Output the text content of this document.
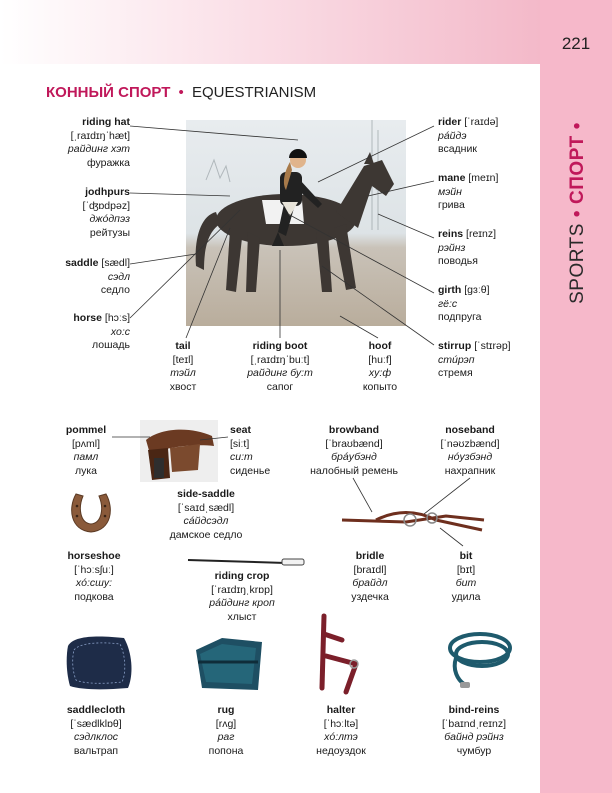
221
SPORTS•СПОРТ•
КОННЫЙ СПОРТ • EQUESTRIANISM
riding hat
[ˌraɪdɪŋˈhæt]
райдинг хэт
фуражка
jodhpurs
[ˈʤɒdpəz]
джóдпэз
рейтузы
saddle [sædl]
сэдл
седло
horse [hɔːs]
хо:с
лошадь
rider [ˈraɪdə]
рáйдэ
всадник
mane [meɪn]
мэйн
грива
reins [reɪnz]
рэйнз
поводья
girth [gɜːθ]
гё:с
подпруга
stirrup [ˈstɪrəp]
стúрэп
стремя
tail
[teɪl]
тэйл
хвост
riding boot
[ˌraɪdɪŋˈbuːt]
райдинг бу:т
сапог
hoof
[huːf]
ху:ф
копыто
pommel
[pʌml]
памл
лука
seat
[siːt]
си:т
сиденье
side-saddle
[ˈsaɪdˌsædl]
сáйдсэдл
дамское седло
browband
[ˈbraʊbænd]
брáубэнд
налобный ремень
noseband
[ˈnəʊzbænd]
нóузбэнд
нахрапник
horseshoe
[ˈhɔːsʃuː]
хó:сшу:
подкова
riding crop
[ˈraɪdɪŋˌkrɒp]
рáйдинг кроп
хлыст
bridle
[braɪdl]
брайдл
уздечка
bit
[bɪt]
бит
удила
saddlecloth
[ˈsædlklɒθ]
сэдлклос
вальтрап
rug
[rʌg]
раг
попона
halter
[ˈhɔːltə]
хó:лтэ
недоуздок
bind-reins
[ˈbaɪndˌreɪnz]
байнд рэйнз
чумбур
